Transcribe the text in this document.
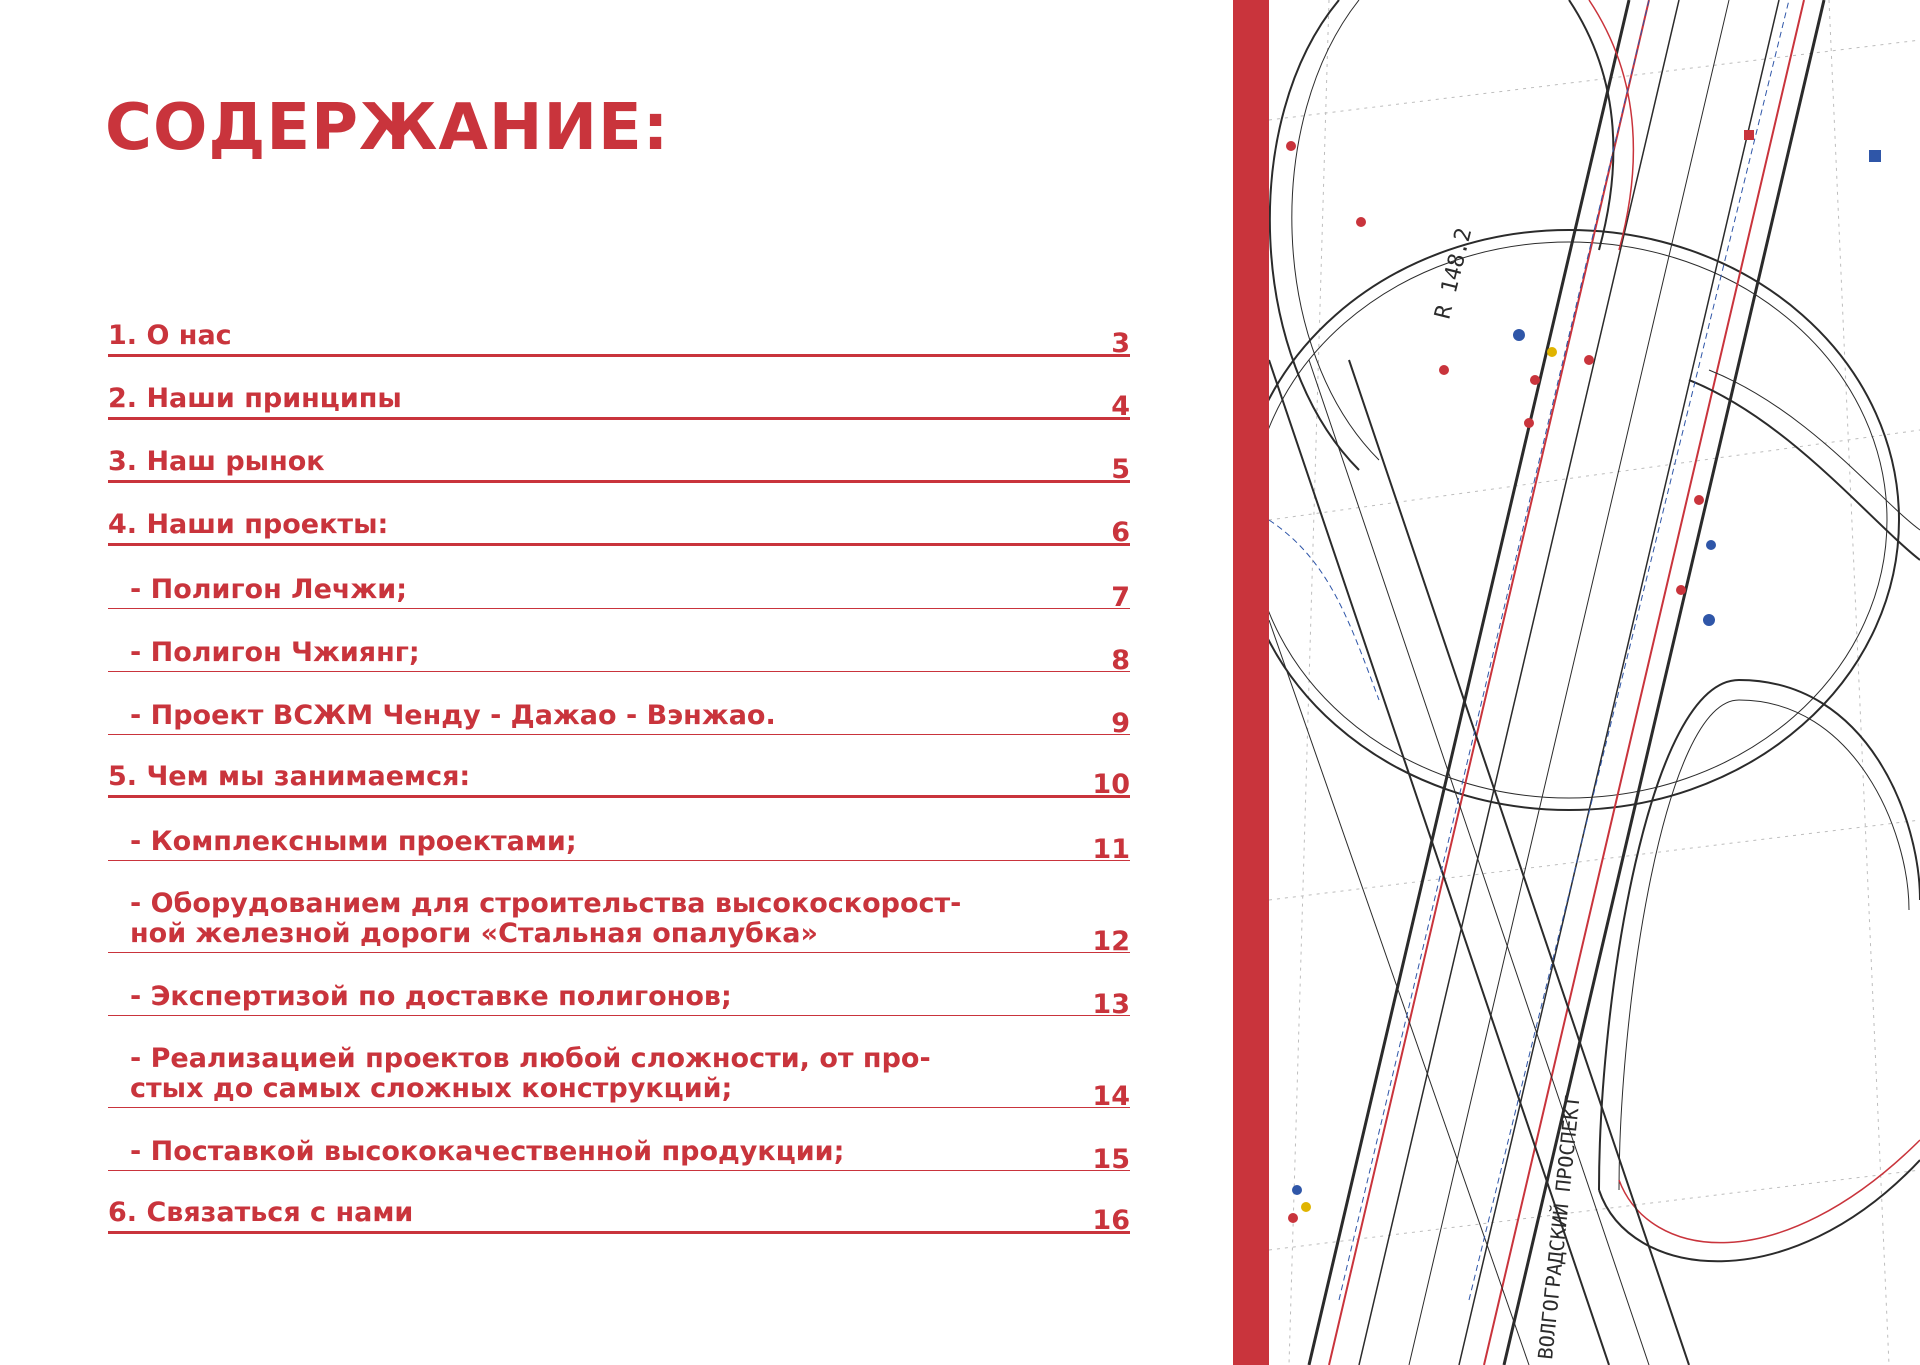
СОДЕРЖАНИЕ:
1. О нас	3
2. Наши принципы	4
3. Наш рынок	5
4. Наши проекты:	6
- Полигон Лечжи;	7
- Полигон Чжиянг;	8
- Проект ВСЖМ Ченду - Дажао - Вэнжао.	9
5. Чем мы занимаемся:	10
- Комплексными проектами;	11
- Оборудованием для строительства высокоскорост-
ной железной дороги «Стальная опалубка»	12
- Экспертизой по доставке полигонов;	13
- Реализацией проектов любой сложности, от про-
стых до самых сложных конструкций;	14
- Поставкой высококачественной продукции;	15
6. Связаться с нами	16
R 148.2
ВОЛГОГРАДСКИЙ ПРОСПЕКТ
